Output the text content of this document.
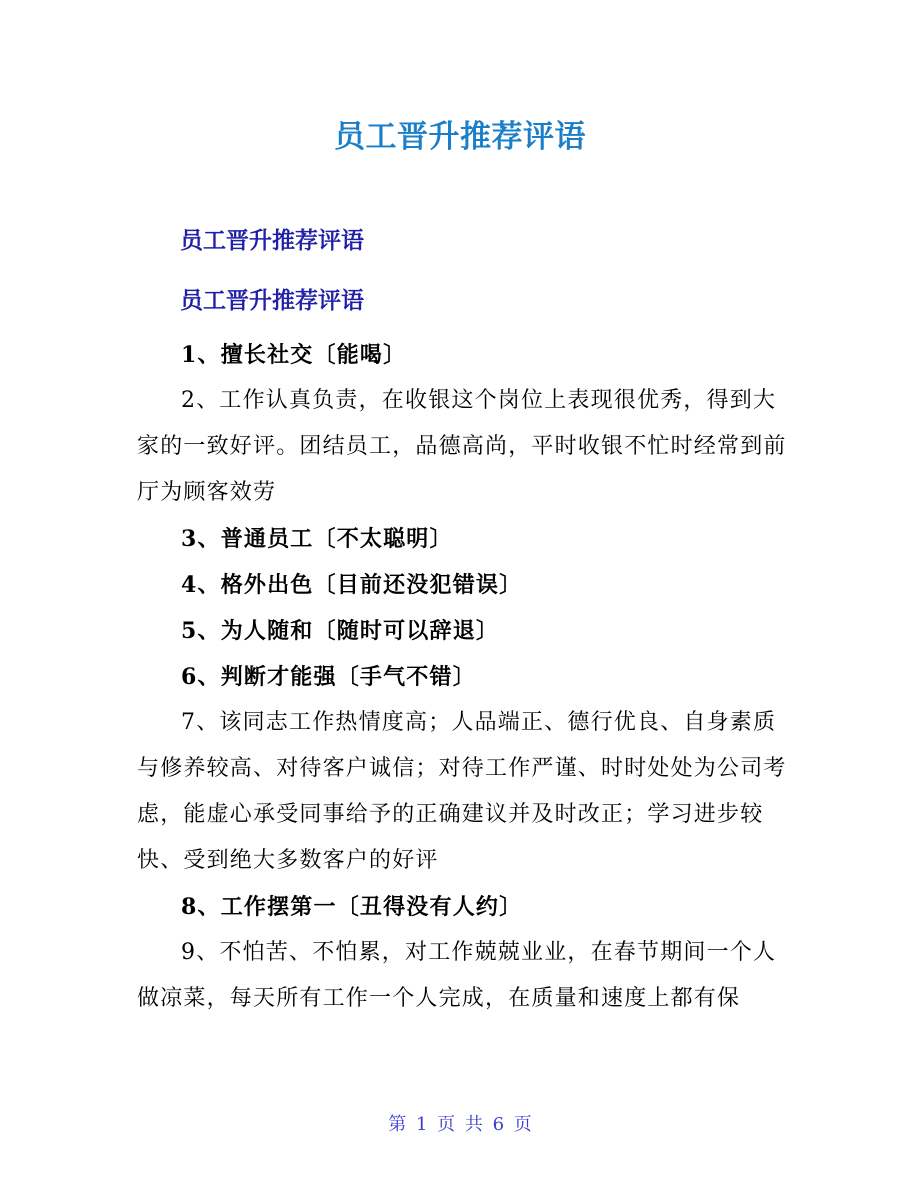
员工晋升推荐评语
员工晋升推荐评语
员工晋升推荐评语

1、擅长社交〔能喝〕

2、工作认真负责，在收银这个岗位上表现很优秀，得到大家的一致好评。团结员工，品德高尚，平时收银不忙时经常到前厅为顾客效劳

3、普通员工〔不太聪明〕

4、格外出色〔目前还没犯错误〕

5、为人随和〔随时可以辞退〕

6、判断才能强〔手气不错〕

7、该同志工作热情度高；人品端正、德行优良、自身素质与修养较高、对待客户诚信；对待工作严谨、时时处处为公司考虑，能虚心承受同事给予的正确建议并及时改正；学习进步较快、受到绝大多数客户的好评

8、工作摆第一〔丑得没有人约〕

9、不怕苦、不怕累，对工作兢兢业业，在春节期间一个人做凉菜，每天所有工作一个人完成，在质量和速度上都有保

第 1 页 共 6 页
